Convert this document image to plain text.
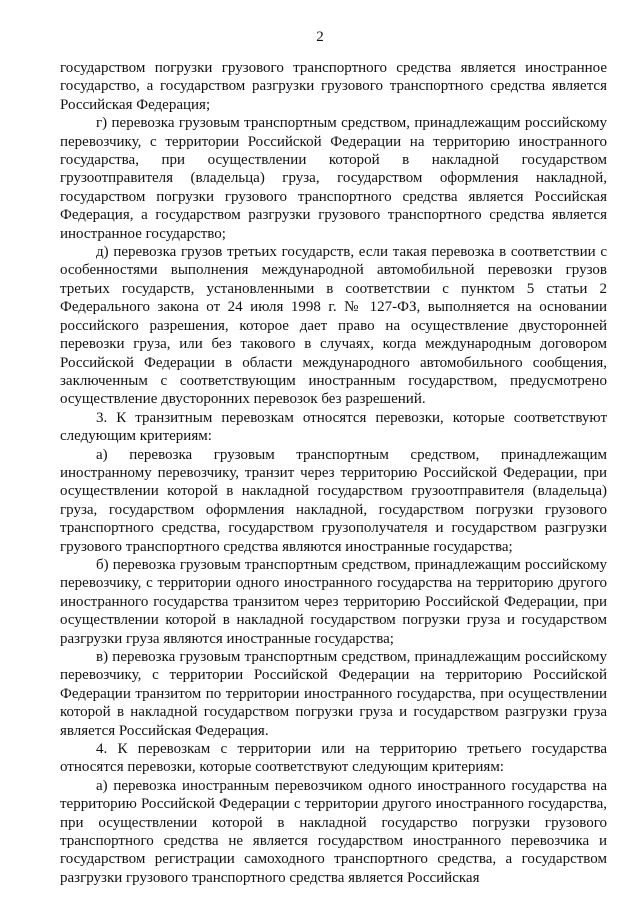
2

государством погрузки грузового транспортного средства является иностранное государство, а государством разгрузки грузового транспортного средства является Российская Федерация;

г) перевозка грузовым транспортным средством, принадлежащим российскому перевозчику, с территории Российской Федерации на территорию иностранного государства, при осуществлении которой в накладной государством грузоотправителя (владельца) груза, государством оформления накладной, государством погрузки грузового транспортного средства является Российская Федерация, а государством разгрузки грузового транспортного средства является иностранное государство;

д) перевозка грузов третьих государств, если такая перевозка в соответствии с особенностями выполнения международной автомобильной перевозки грузов третьих государств, установленными в соответствии с пунктом 5 статьи 2 Федерального закона от 24 июля 1998 г. № 127-ФЗ, выполняется на основании российского разрешения, которое дает право на осуществление двусторонней перевозки груза, или без такового в случаях, когда международным договором Российской Федерации в области международного автомобильного сообщения, заключенным с соответствующим иностранным государством, предусмотрено осуществление двусторонних перевозок без разрешений.

3. К транзитным перевозкам относятся перевозки, которые соответствуют следующим критериям:

а) перевозка грузовым транспортным средством, принадлежащим иностранному перевозчику, транзит через территорию Российской Федерации, при осуществлении которой в накладной государством грузоотправителя (владельца) груза, государством оформления накладной, государством погрузки грузового транспортного средства, государством грузополучателя и государством разгрузки грузового транспортного средства являются иностранные государства;

б) перевозка грузовым транспортным средством, принадлежащим российскому перевозчику, с территории одного иностранного государства на территорию другого иностранного государства транзитом через территорию Российской Федерации, при осуществлении которой в накладной государством погрузки груза и государством разгрузки груза являются иностранные государства;

в) перевозка грузовым транспортным средством, принадлежащим российскому перевозчику, с территории Российской Федерации на территорию Российской Федерации транзитом по территории иностранного государства, при осуществлении которой в накладной государством погрузки груза и государством разгрузки груза является Российская Федерация.

4. К перевозкам с территории или на территорию третьего государства относятся перевозки, которые соответствуют следующим критериям:

а) перевозка иностранным перевозчиком одного иностранного государства на территорию Российской Федерации с территории другого иностранного государства, при осуществлении которой в накладной государство погрузки грузового транспортного средства не является государством иностранного перевозчика и государством регистрации самоходного транспортного средства, а государством разгрузки грузового транспортного средства является Российская
